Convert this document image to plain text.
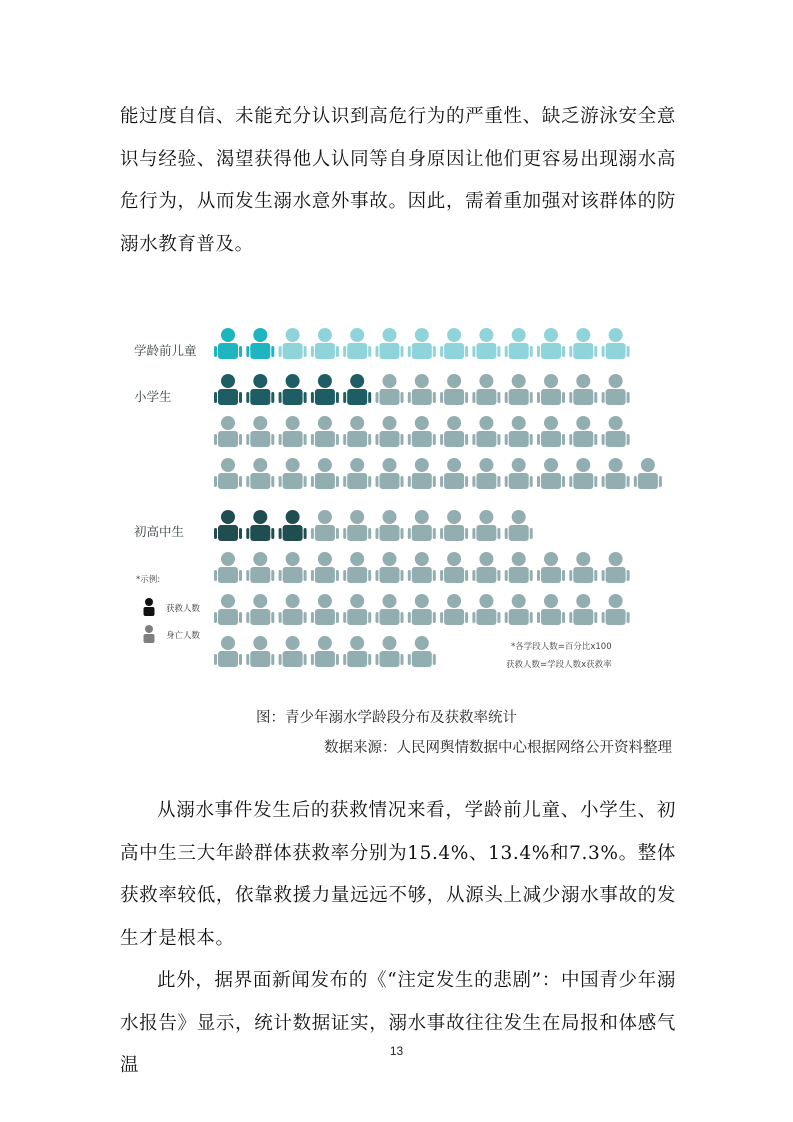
能过度自信、未能充分认识到高危行为的严重性、缺乏游泳安全意识与经验、渴望获得他人认同等自身原因让他们更容易出现溺水高危行为，从而发生溺水意外事故。因此，需着重加强对该群体的防溺水教育普及。

学龄前儿童
小学生
初高中生
*示例:
获救人数
身亡人数
*各学段人数=百分比x100
获救人数=学段人数x获救率
图：青少年溺水学龄段分布及获救率统计
数据来源：人民网舆情数据中心根据网络公开资料整理

从溺水事件发生后的获救情况来看，学龄前儿童、小学生、初高中生三大年龄群体获救率分别为15.4%、13.4%和7.3%。整体获救率较低，依靠救援力量远远不够，从源头上减少溺水事故的发生才是根本。

此外，据界面新闻发布的《“注定发生的悲剧”：中国青少年溺水报告》显示，统计数据证实，溺水事故往往发生在局报和体感气温

13
